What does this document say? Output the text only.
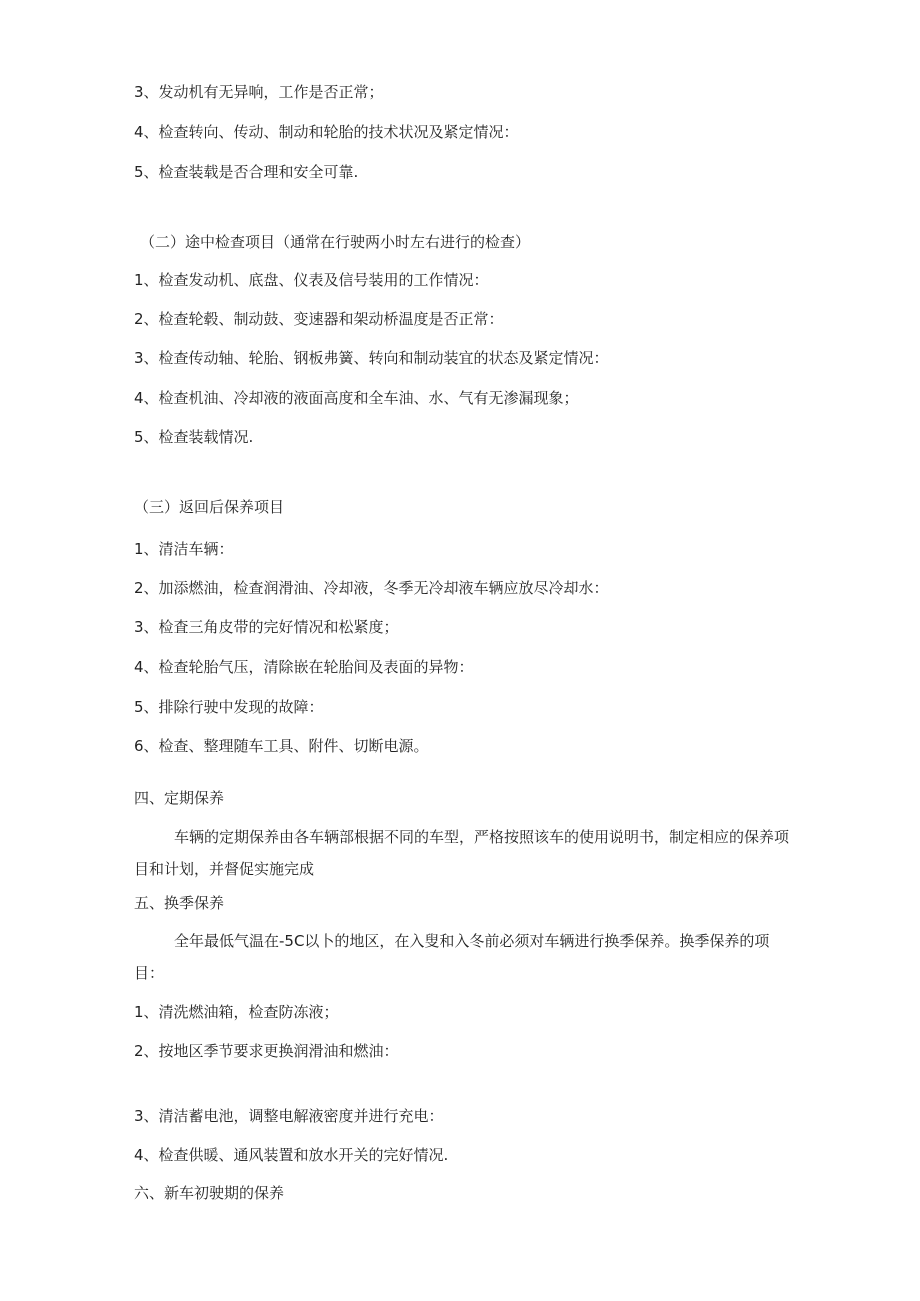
3、发动机有无异响，工作是否正常；

4、检查转向、传动、制动和轮胎的技术状况及紧定情况：

5、检查装载是否合理和安全可靠.

（二）途中检查项目（通常在行驶两小时左右进行的检查）

1、检查发动机、底盘、仪表及信号装用的工作情况：

2、检查轮毂、制动鼓、变速器和架动桥温度是否正常：

3、检查传动轴、轮胎、钢板弗簧、转向和制动装宜的状态及紧定情况：

4、检查机油、冷却液的液面高度和全车油、水、气有无渗漏现象；

5、检查装载情况.

（三）返回后保养项目

1、清洁车辆：

2、加添燃油，检查润滑油、冷却液，冬季无冷却液车辆应放尽冷却水：

3、检査三角皮带的完好情况和松紧度；

4、检查轮胎气压，清除嵌在轮胎间及表面的异物：

5、排除行驶中发现的故障：

6、检查、整理随车工具、附件、切断电源。

四、定期保养

车辆的定期保养由各车辆部根据不同的车型，严格按照该车的使用说明书，制定相应的保养项目和计划，并督促实施完成

五、换季保养

全年最低气温在-5C以卜的地区，在入叟和入冬前必须对车辆进行换季保养。换季保养的项目：

1、清洗燃油箱，检查防冻液；

2、按地区季节要求更换润滑油和燃油：

3、清洁蓄电池，调整电解液密度并进行充电：

4、检查供暖、通风装置和放水开关的完好情况.

六、新车初驶期的保养
